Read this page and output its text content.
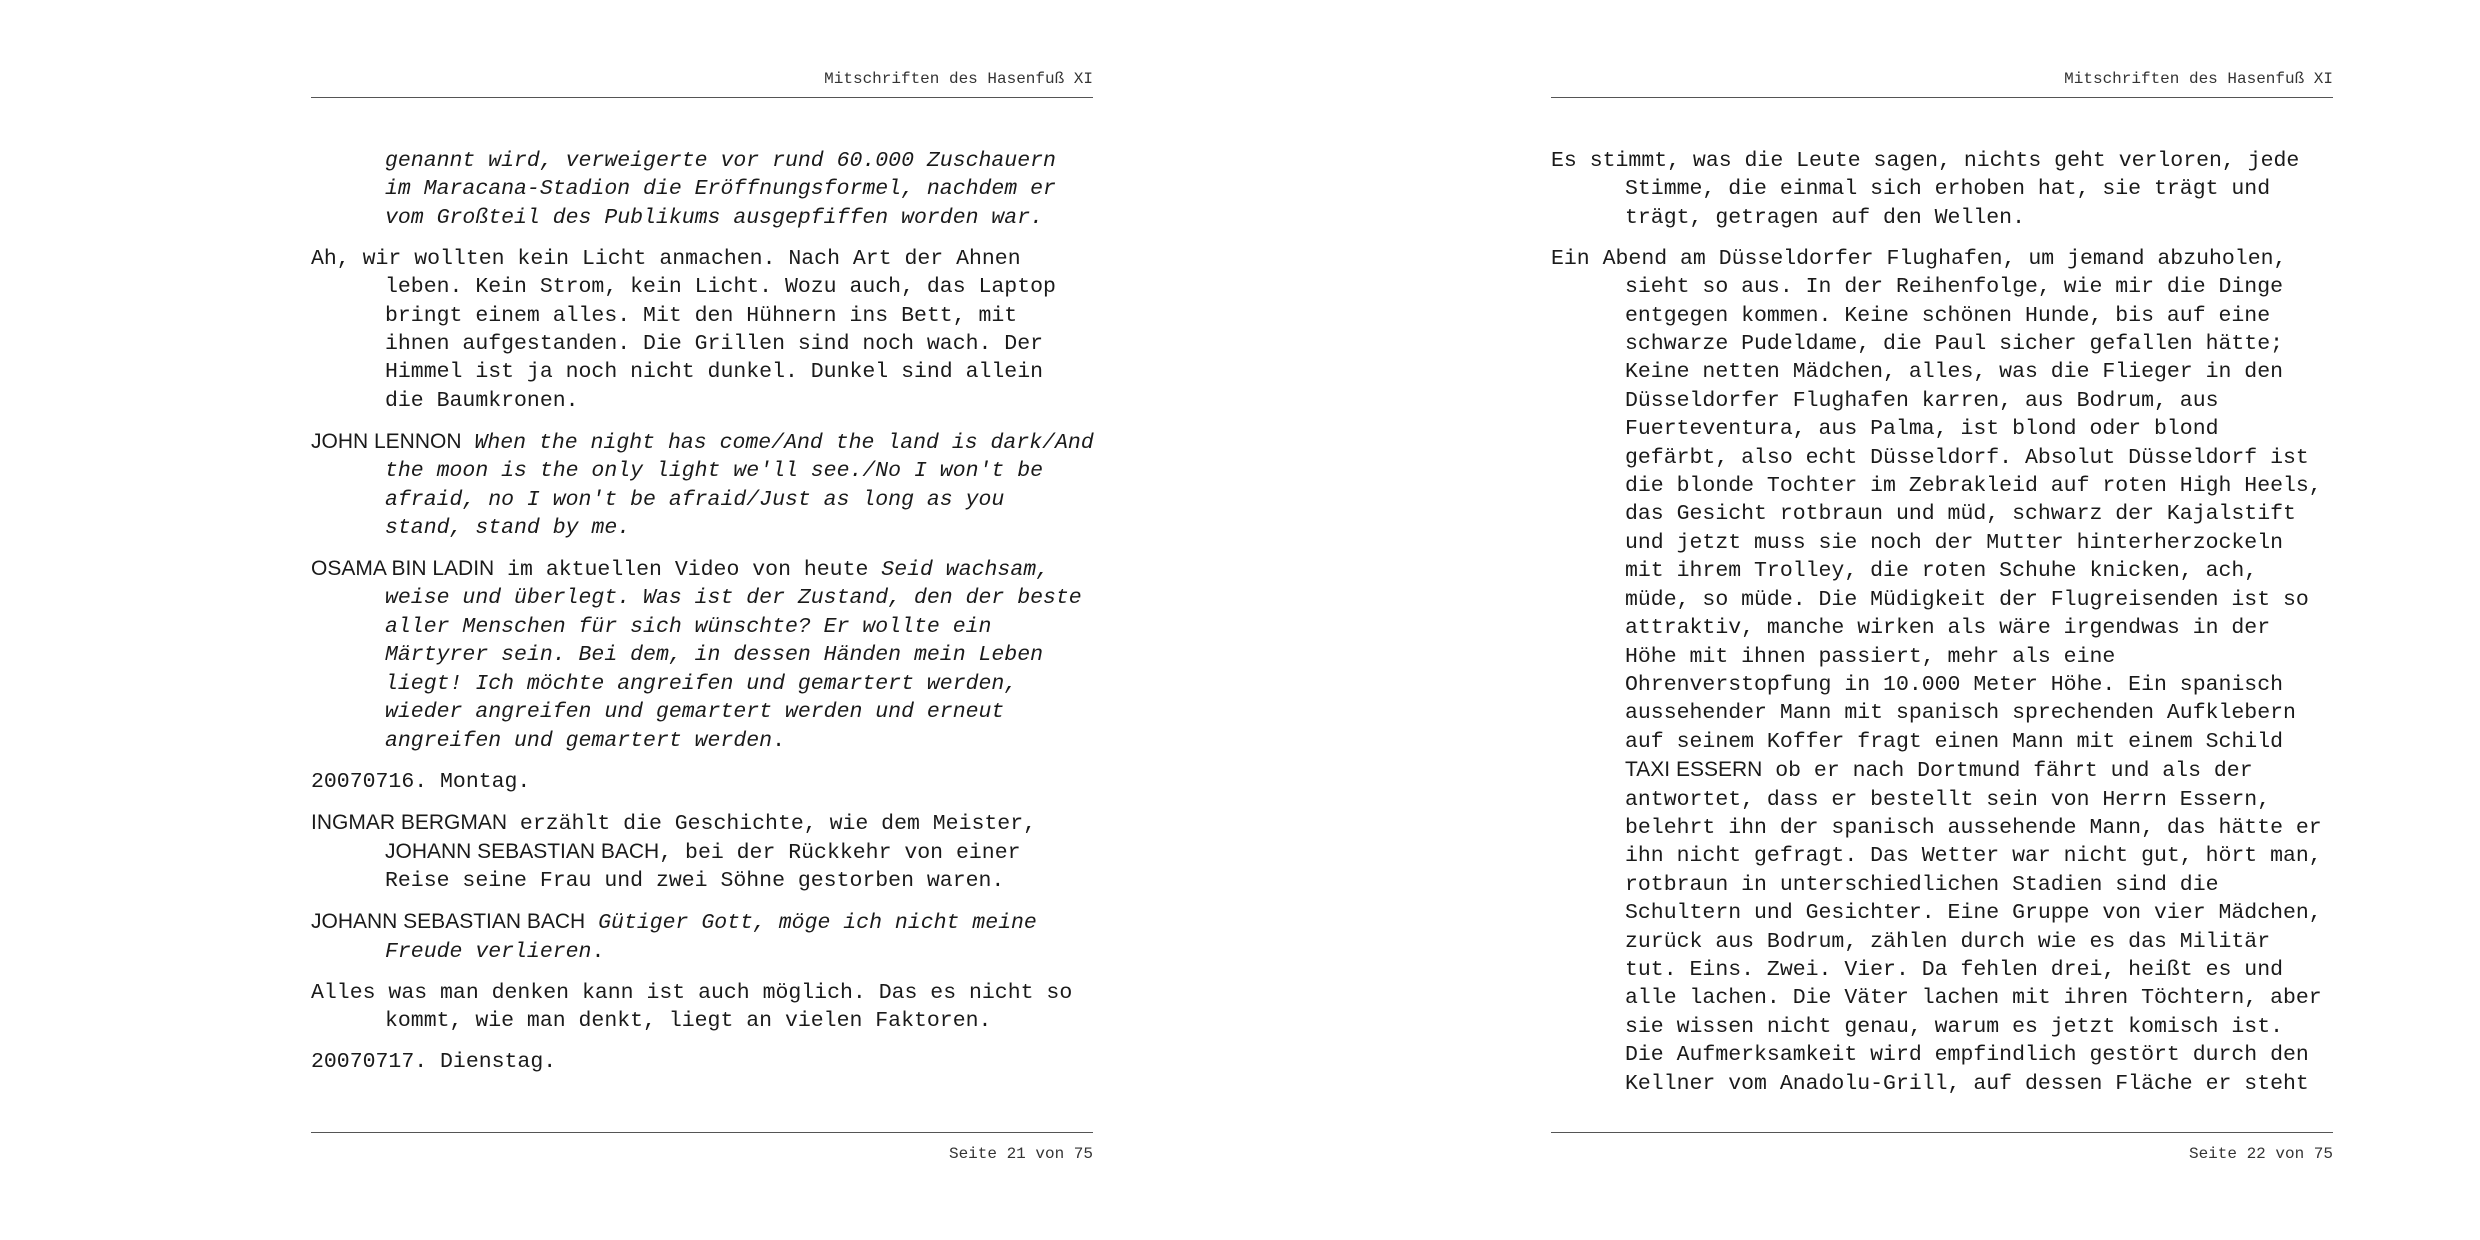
Mitschriften des Hasenfuß XI
genannt wird, verweigerte vor rund 60.000 Zuschauern
im Maracana-Stadion die Eröffnungsformel, nachdem er
vom Großteil des Publikums ausgepfiffen worden war.
Ah, wir wollten kein Licht anmachen. Nach Art der Ahnen
leben. Kein Strom, kein Licht. Wozu auch, das Laptop
bringt einem alles. Mit den Hühnern ins Bett, mit
ihnen aufgestanden. Die Grillen sind noch wach. Der
Himmel ist ja noch nicht dunkel. Dunkel sind allein
die Baumkronen.
JOHN LENNON When the night has come/And the land is dark/And
the moon is the only light we'll see./No I won't be
afraid, no I won't be afraid/Just as long as you
stand, stand by me.
OSAMA BIN LADIN im aktuellen Video von heute Seid wachsam,
weise und überlegt. Was ist der Zustand, den der beste
aller Menschen für sich wünschte? Er wollte ein
Märtyrer sein. Bei dem, in dessen Händen mein Leben
liegt! Ich möchte angreifen und gemartert werden,
wieder angreifen und gemartert werden und erneut
angreifen und gemartert werden.
20070716. Montag.
INGMAR BERGMAN erzählt die Geschichte, wie dem Meister,
JOHANN SEBASTIAN BACH, bei der Rückkehr von einer
Reise seine Frau und zwei Söhne gestorben waren.
JOHANN SEBASTIAN BACH Gütiger Gott, möge ich nicht meine
Freude verlieren.
Alles was man denken kann ist auch möglich. Das es nicht so
kommt, wie man denkt, liegt an vielen Faktoren.
20070717. Dienstag.
Seite 21 von 75
Mitschriften des Hasenfuß XI
Es stimmt, was die Leute sagen, nichts geht verloren, jede
Stimme, die einmal sich erhoben hat, sie trägt und
trägt, getragen auf den Wellen.
Ein Abend am Düsseldorfer Flughafen, um jemand abzuholen,
sieht so aus. In der Reihenfolge, wie mir die Dinge
entgegen kommen. Keine schönen Hunde, bis auf eine
schwarze Pudeldame, die Paul sicher gefallen hätte;
Keine netten Mädchen, alles, was die Flieger in den
Düsseldorfer Flughafen karren, aus Bodrum, aus
Fuerteventura, aus Palma, ist blond oder blond
gefärbt, also echt Düsseldorf. Absolut Düsseldorf ist
die blonde Tochter im Zebrakleid auf roten High Heels,
das Gesicht rotbraun und müd, schwarz der Kajalstift
und jetzt muss sie noch der Mutter hinterherzockeln
mit ihrem Trolley, die roten Schuhe knicken, ach,
müde, so müde. Die Müdigkeit der Flugreisenden ist so
attraktiv, manche wirken als wäre irgendwas in der
Höhe mit ihnen passiert, mehr als eine
Ohrenverstopfung in 10.000 Meter Höhe. Ein spanisch
aussehender Mann mit spanisch sprechenden Aufklebern
auf seinem Koffer fragt einen Mann mit einem Schild
TAXI ESSERN ob er nach Dortmund fährt und als der
antwortet, dass er bestellt sein von Herrn Essern,
belehrt ihn der spanisch aussehende Mann, das hätte er
ihn nicht gefragt. Das Wetter war nicht gut, hört man,
rotbraun in unterschiedlichen Stadien sind die
Schultern und Gesichter. Eine Gruppe von vier Mädchen,
zurück aus Bodrum, zählen durch wie es das Militär
tut. Eins. Zwei. Vier. Da fehlen drei, heißt es und
alle lachen. Die Väter lachen mit ihren Töchtern, aber
sie wissen nicht genau, warum es jetzt komisch ist.
Die Aufmerksamkeit wird empfindlich gestört durch den
Kellner vom Anadolu-Grill, auf dessen Fläche er steht
Seite 22 von 75
